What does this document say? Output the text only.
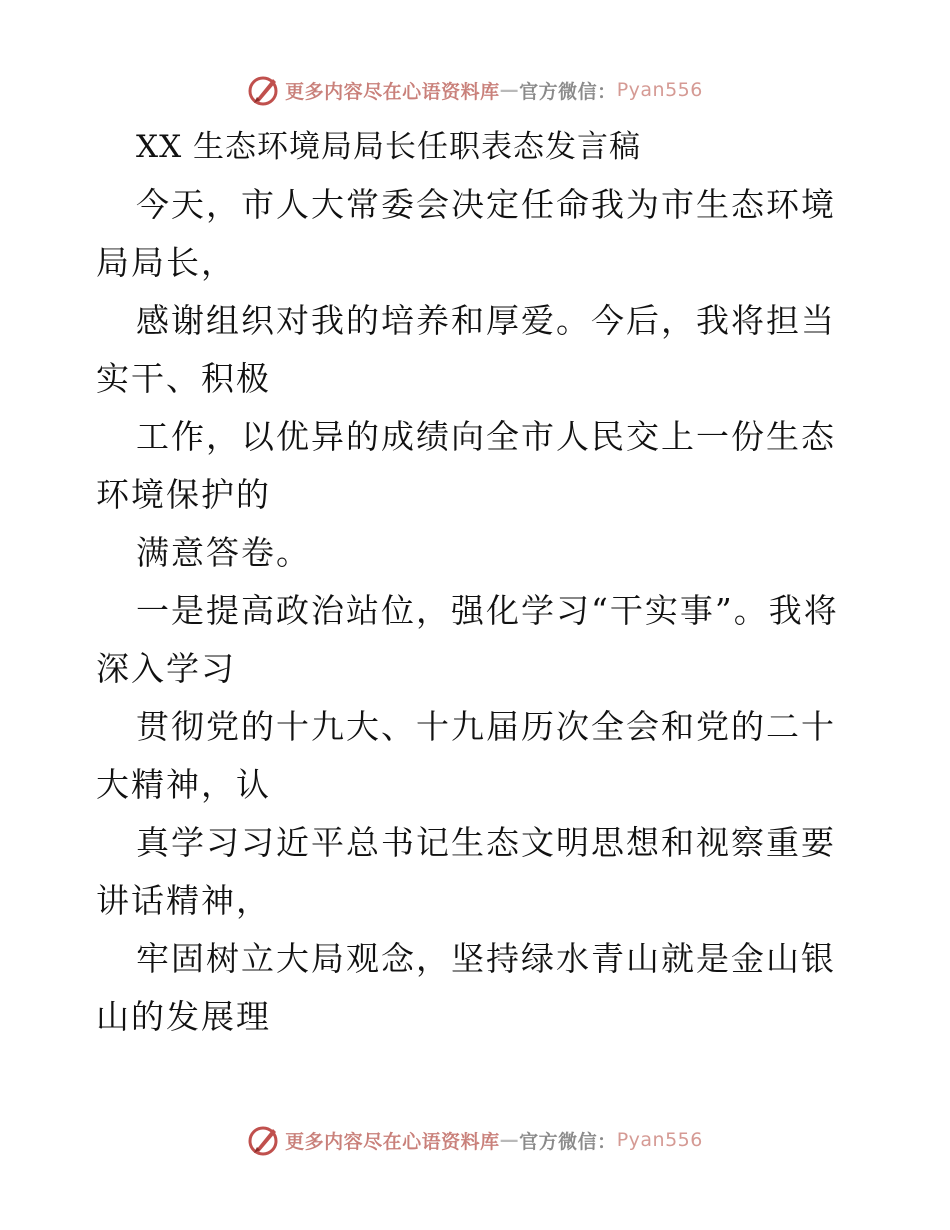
更多内容尽在心语资料库 — 官方微信： Pyan556

XX 生态环境局局长任职表态发言稿

今天，市人大常委会决定任命我为市生态环境局局长，

感谢组织对我的培养和厚爱。今后，我将担当实干、积极

工作，以优异的成绩向全市人民交上一份生态环境保护的

满意答卷。

一是提高政治站位，强化学习“干实事”。我将深入学习

贯彻党的十九大、十九届历次全会和党的二十大精神，认

真学习习近平总书记生态文明思想和视察重要讲话精神，

牢固树立大局观念，坚持绿水青山就是金山银山的发展理

更多内容尽在心语资料库 — 官方微信： Pyan556
